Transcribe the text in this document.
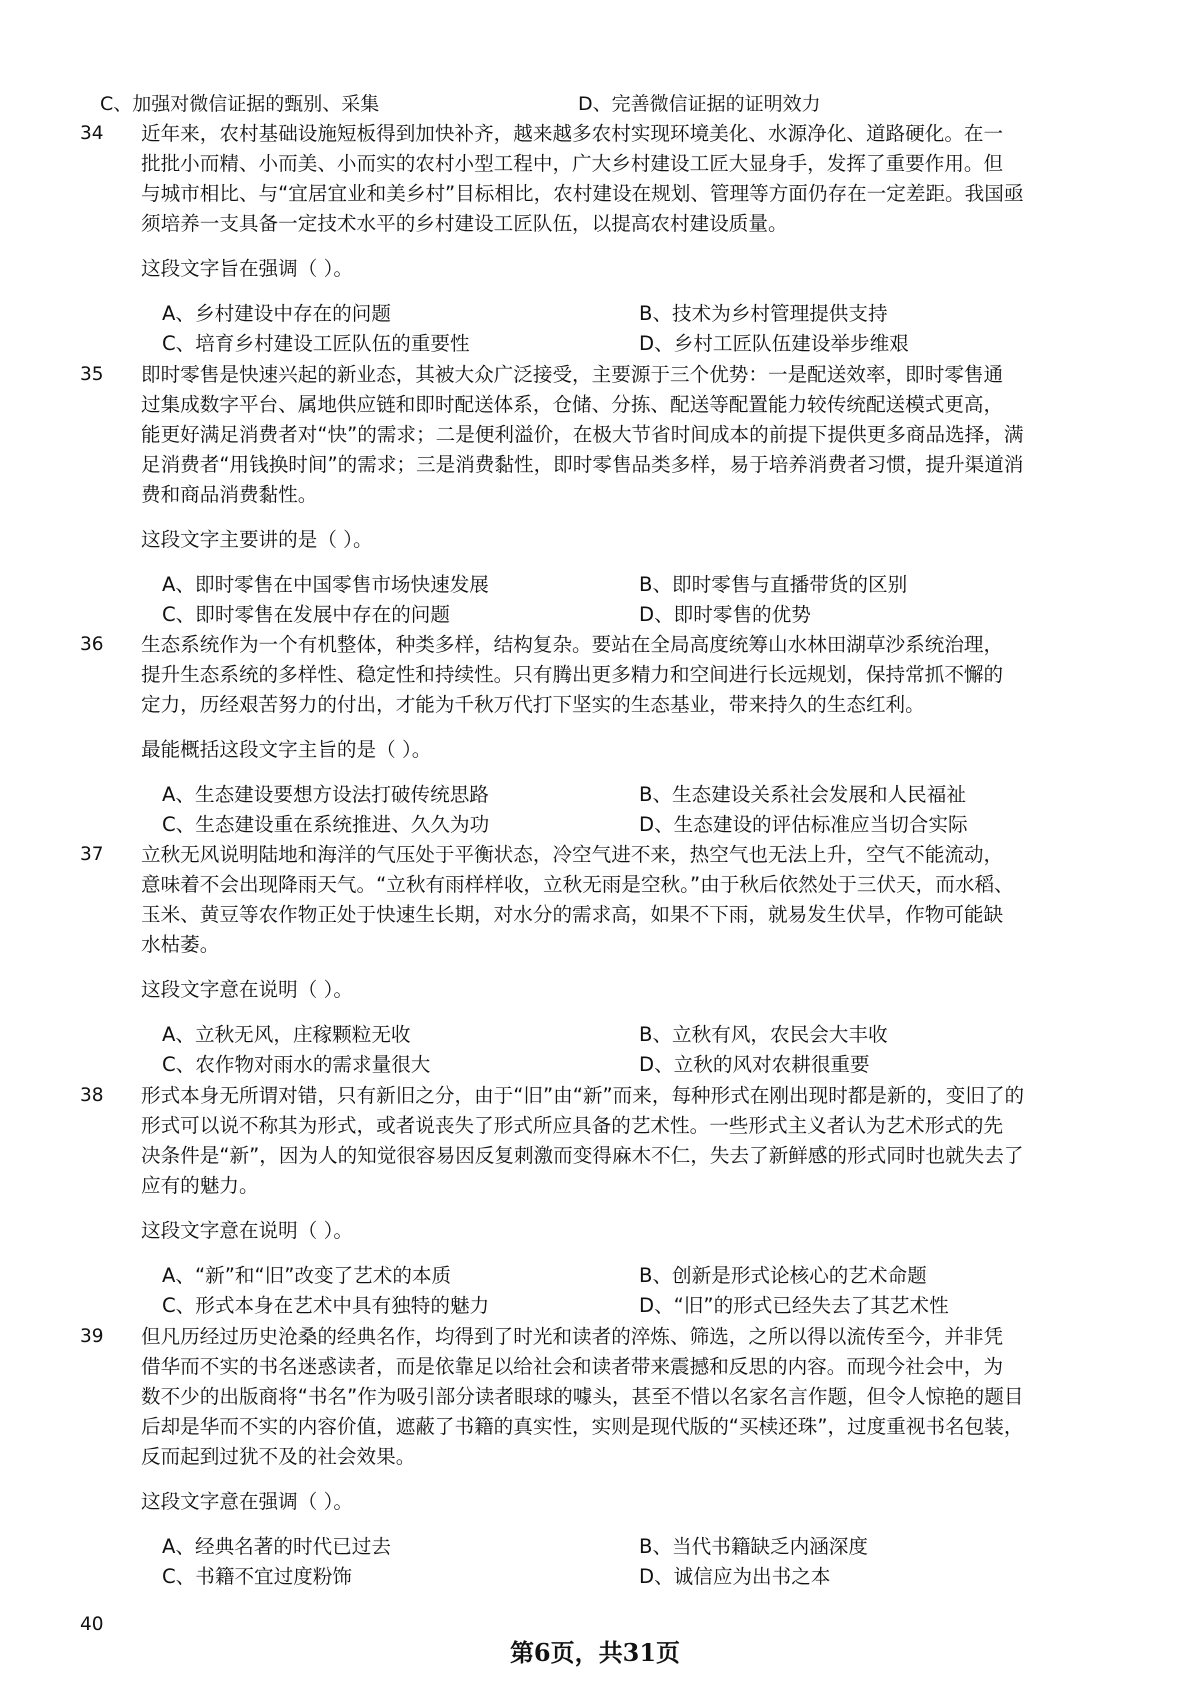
C、加强对微信证据的甄别、采集	D、完善微信证据的证明效力
34 近年来，农村基础设施短板得到加快补齐，越来越多农村实现环境美化、水源净化、道路硬化。在一
批批小而精、小而美、小而实的农村小型工程中，广大乡村建设工匠大显身手，发挥了重要作用。但
与城市相比、与“宜居宜业和美乡村”目标相比，农村建设在规划、管理等方面仍存在一定差距。我国亟
须培养一支具备一定技术水平的乡村建设工匠队伍，以提高农村建设质量。
这段文字旨在强调（ ）。
A、乡村建设中存在的问题	B、技术为乡村管理提供支持
C、培育乡村建设工匠队伍的重要性	D、乡村工匠队伍建设举步维艰
35 即时零售是快速兴起的新业态，其被大众广泛接受，主要源于三个优势：一是配送效率，即时零售通
过集成数字平台、属地供应链和即时配送体系，仓储、分拣、配送等配置能力较传统配送模式更高，
能更好满足消费者对“快”的需求；二是便利溢价，在极大节省时间成本的前提下提供更多商品选择，满
足消费者“用钱换时间”的需求；三是消费黏性，即时零售品类多样，易于培养消费者习惯，提升渠道消
费和商品消费黏性。
这段文字主要讲的是（ ）。
A、即时零售在中国零售市场快速发展	B、即时零售与直播带货的区别
C、即时零售在发展中存在的问题	D、即时零售的优势
36 生态系统作为一个有机整体，种类多样，结构复杂。要站在全局高度统筹山水林田湖草沙系统治理，
提升生态系统的多样性、稳定性和持续性。只有腾出更多精力和空间进行长远规划，保持常抓不懈的
定力，历经艰苦努力的付出，才能为千秋万代打下坚实的生态基业，带来持久的生态红利。
最能概括这段文字主旨的是（ ）。
A、生态建设要想方设法打破传统思路	B、生态建设关系社会发展和人民福祉
C、生态建设重在系统推进、久久为功	D、生态建设的评估标准应当切合实际
37 立秋无风说明陆地和海洋的气压处于平衡状态，冷空气进不来，热空气也无法上升，空气不能流动，
意味着不会出现降雨天气。“立秋有雨样样收，立秋无雨是空秋。”由于秋后依然处于三伏天，而水稻、
玉米、黄豆等农作物正处于快速生长期，对水分的需求高，如果不下雨，就易发生伏旱，作物可能缺
水枯萎。
这段文字意在说明（ ）。
A、立秋无风，庄稼颗粒无收	B、立秋有风，农民会大丰收
C、农作物对雨水的需求量很大	D、立秋的风对农耕很重要
38 形式本身无所谓对错，只有新旧之分，由于“旧”由“新”而来，每种形式在刚出现时都是新的，变旧了的
形式可以说不称其为形式，或者说丧失了形式所应具备的艺术性。一些形式主义者认为艺术形式的先
决条件是“新”，因为人的知觉很容易因反复刺激而变得麻木不仁，失去了新鲜感的形式同时也就失去了
应有的魅力。
这段文字意在说明（ ）。
A、“新”和“旧”改变了艺术的本质	B、创新是形式论核心的艺术命题
C、形式本身在艺术中具有独特的魅力	D、“旧”的形式已经失去了其艺术性
39 但凡历经过历史沧桑的经典名作，均得到了时光和读者的淬炼、筛选，之所以得以流传至今，并非凭
借华而不实的书名迷惑读者，而是依靠足以给社会和读者带来震撼和反思的内容。而现今社会中，为
数不少的出版商将“书名”作为吸引部分读者眼球的噱头，甚至不惜以名家名言作题，但令人惊艳的题目
后却是华而不实的内容价值，遮蔽了书籍的真实性，实则是现代版的“买椟还珠”，过度重视书名包装，
反而起到过犹不及的社会效果。
这段文字意在强调（ ）。
A、经典名著的时代已过去	B、当代书籍缺乏内涵深度
C、书籍不宜过度粉饰	D、诚信应为出书之本
40
第6页，共31页
